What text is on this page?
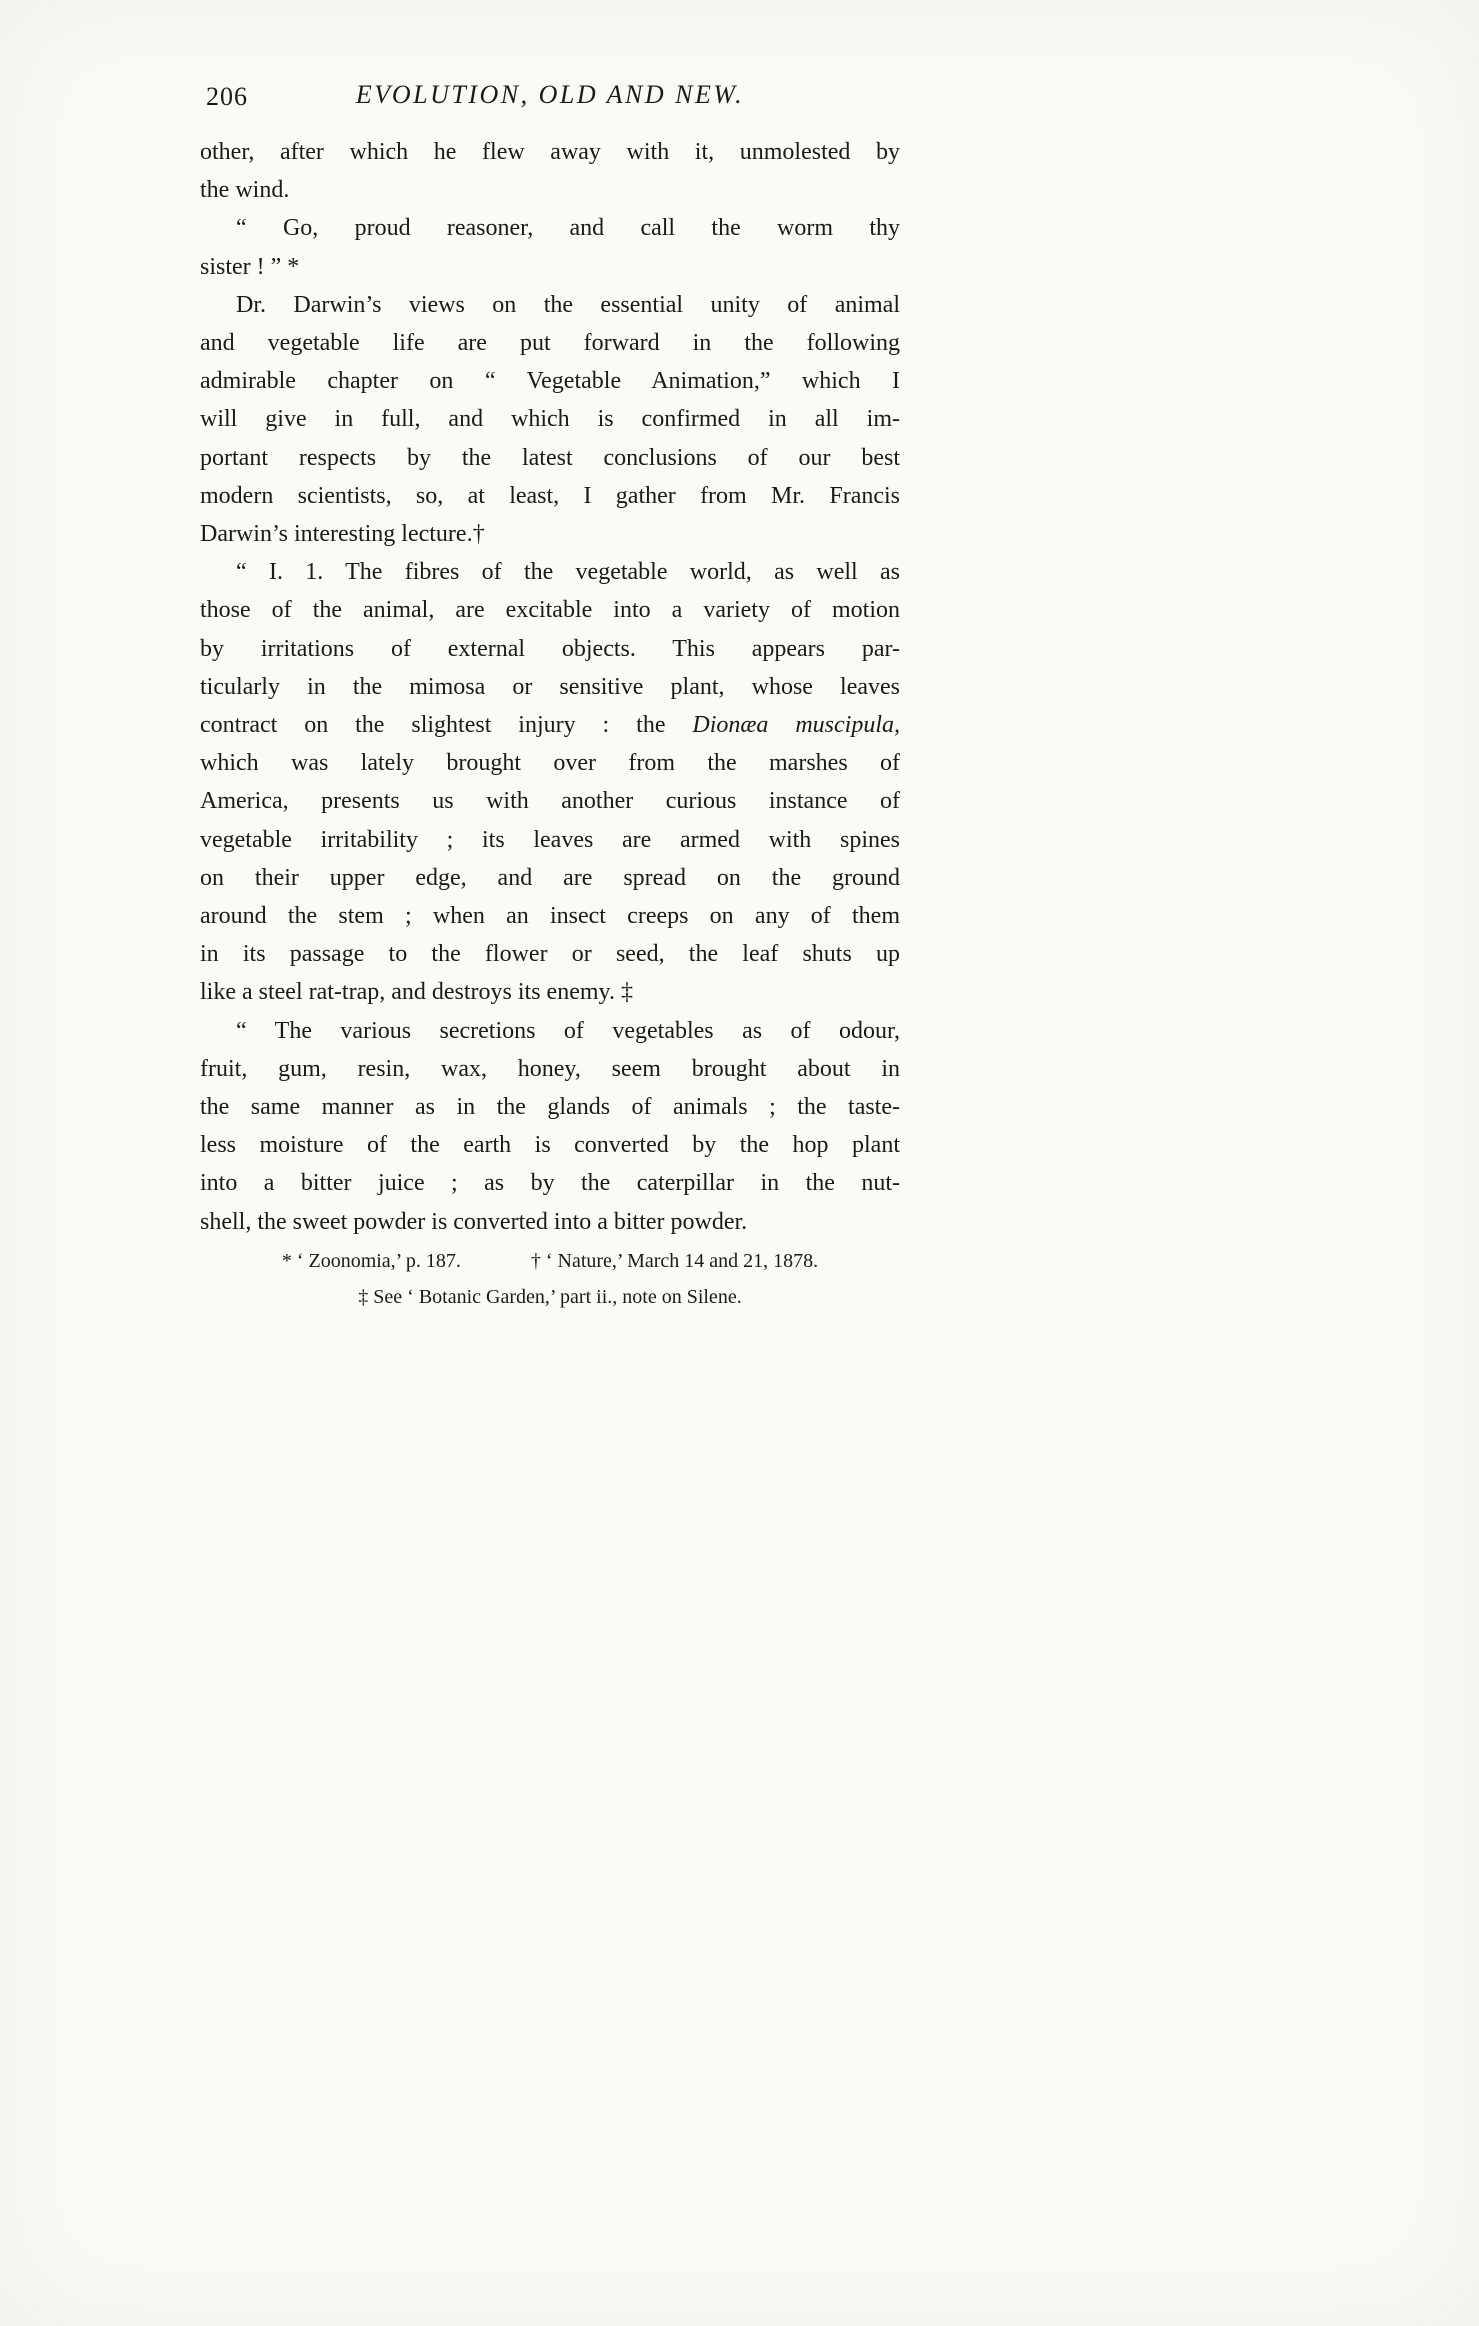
206	EVOLUTION, OLD AND NEW.
other, after which he flew away with it, unmolested by
the wind.
“ Go, proud reasoner, and call the worm thy
sister ! ” *
Dr. Darwin’s views on the essential unity of animal
and vegetable life are put forward in the following
admirable chapter on “ Vegetable Animation,” which I
will give in full, and which is confirmed in all im-
portant respects by the latest conclusions of our best
modern scientists, so, at least, I gather from Mr. Francis
Darwin’s interesting lecture.†
“ I. 1. The fibres of the vegetable world, as well as
those of the animal, are excitable into a variety of motion
by irritations of external objects. This appears par-
ticularly in the mimosa or sensitive plant, whose leaves
contract on the slightest injury : the Dionæa muscipula,
which was lately brought over from the marshes of
America, presents us with another curious instance of
vegetable irritability ; its leaves are armed with spines
on their upper edge, and are spread on the ground
around the stem ; when an insect creeps on any of them
in its passage to the flower or seed, the leaf shuts up
like a steel rat-trap, and destroys its enemy. ‡
“ The various secretions of vegetables as of odour,
fruit, gum, resin, wax, honey, seem brought about in
the same manner as in the glands of animals ; the taste-
less moisture of the earth is converted by the hop plant
into a bitter juice ; as by the caterpillar in the nut-
shell, the sweet powder is converted into a bitter powder.
* ‘ Zoonomia,’ p. 187.	† ‘ Nature,’ March 14 and 21, 1878.
‡ See ‘ Botanic Garden,’ part ii., note on Silene.
